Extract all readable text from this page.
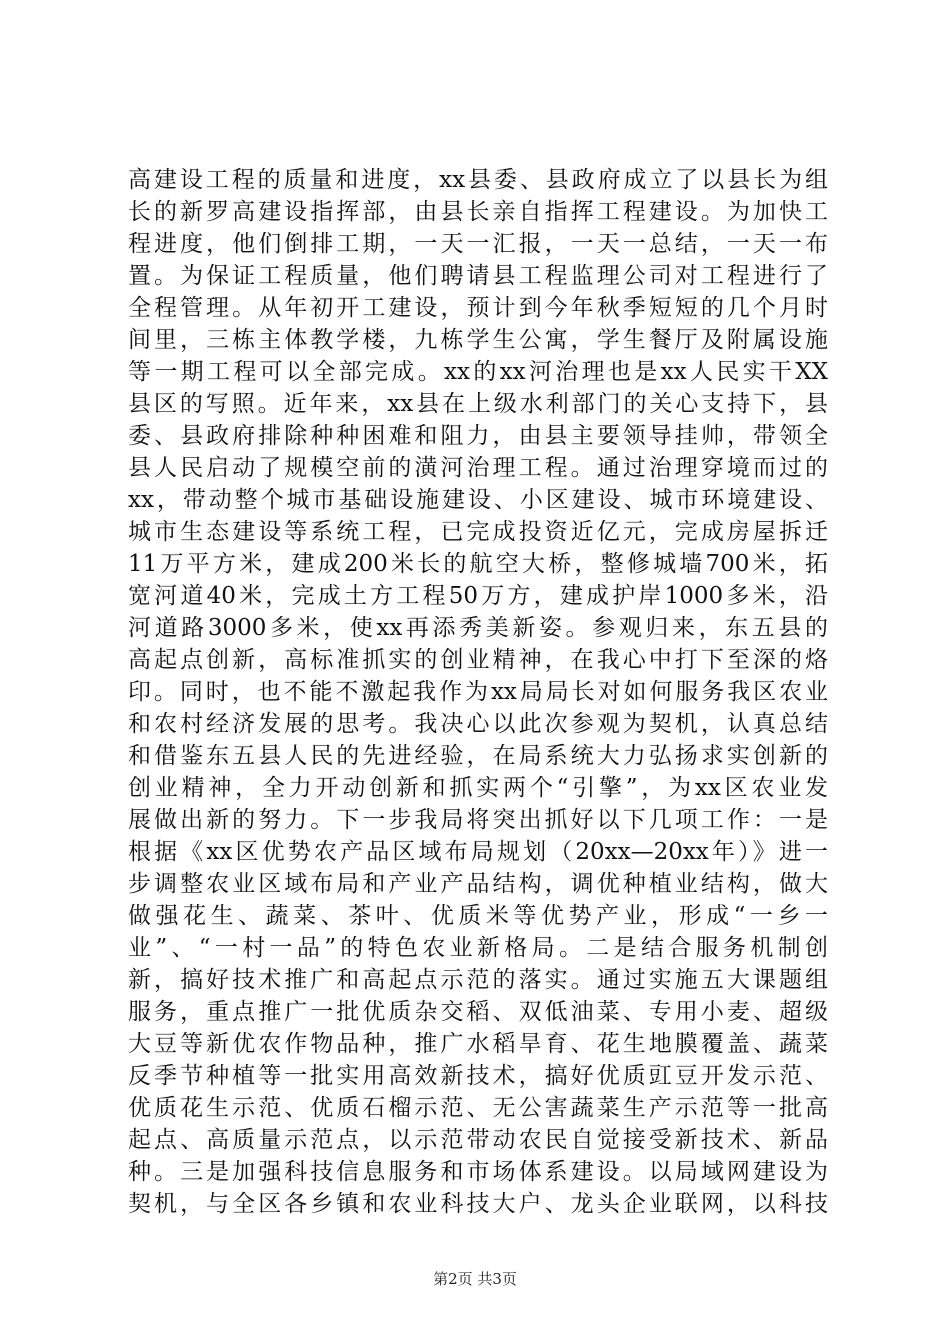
高建设工程的质量和进度，xx县委、县政府成立了以县长为组
长的新罗高建设指挥部，由县长亲自指挥工程建设。为加快工
程进度，他们倒排工期，一天一汇报，一天一总结，一天一布
置。为保证工程质量，他们聘请县工程监理公司对工程进行了
全程管理。从年初开工建设，预计到今年秋季短短的几个月时
间里，三栋主体教学楼，九栋学生公寓，学生餐厅及附属设施
等一期工程可以全部完成。xx的xx河治理也是xx人民实干XX
县区的写照。近年来，xx县在上级水利部门的关心支持下，县
委、县政府排除种种困难和阻力，由县主要领导挂帅，带领全
县人民启动了规模空前的潢河治理工程。通过治理穿境而过的
xx，带动整个城市基础设施建设、小区建设、城市环境建设、
城市生态建设等系统工程，已完成投资近亿元，完成房屋拆迁
11万平方米，建成200米长的航空大桥，整修城墙700米，拓
宽河道40米，完成土方工程50万方，建成护岸1000多米，沿
河道路3000多米，使xx再添秀美新姿。参观归来，东五县的
高起点创新，高标准抓实的创业精神，在我心中打下至深的烙
印。同时，也不能不激起我作为xx局局长对如何服务我区农业
和农村经济发展的思考。我决心以此次参观为契机，认真总结
和借鉴东五县人民的先进经验，在局系统大力弘扬求实创新的
创业精神，全力开动创新和抓实两个“引擎”，为xx区农业发
展做出新的努力。下一步我局将突出抓好以下几项工作：一是
根据《xx区优势农产品区域布局规划（20xx—20xx年）》进一
步调整农业区域布局和产业产品结构，调优种植业结构，做大
做强花生、蔬菜、茶叶、优质米等优势产业，形成“一乡一
业”、“一村一品”的特色农业新格局。二是结合服务机制创
新，搞好技术推广和高起点示范的落实。通过实施五大课题组
服务，重点推广一批优质杂交稻、双低油菜、专用小麦、超级
大豆等新优农作物品种，推广水稻旱育、花生地膜覆盖、蔬菜
反季节种植等一批实用高效新技术，搞好优质豇豆开发示范、
优质花生示范、优质石榴示范、无公害蔬菜生产示范等一批高
起点、高质量示范点，以示范带动农民自觉接受新技术、新品
种。三是加强科技信息服务和市场体系建设。以局域网建设为
契机，与全区各乡镇和农业科技大户、龙头企业联网，以科技
第2页 共3页
